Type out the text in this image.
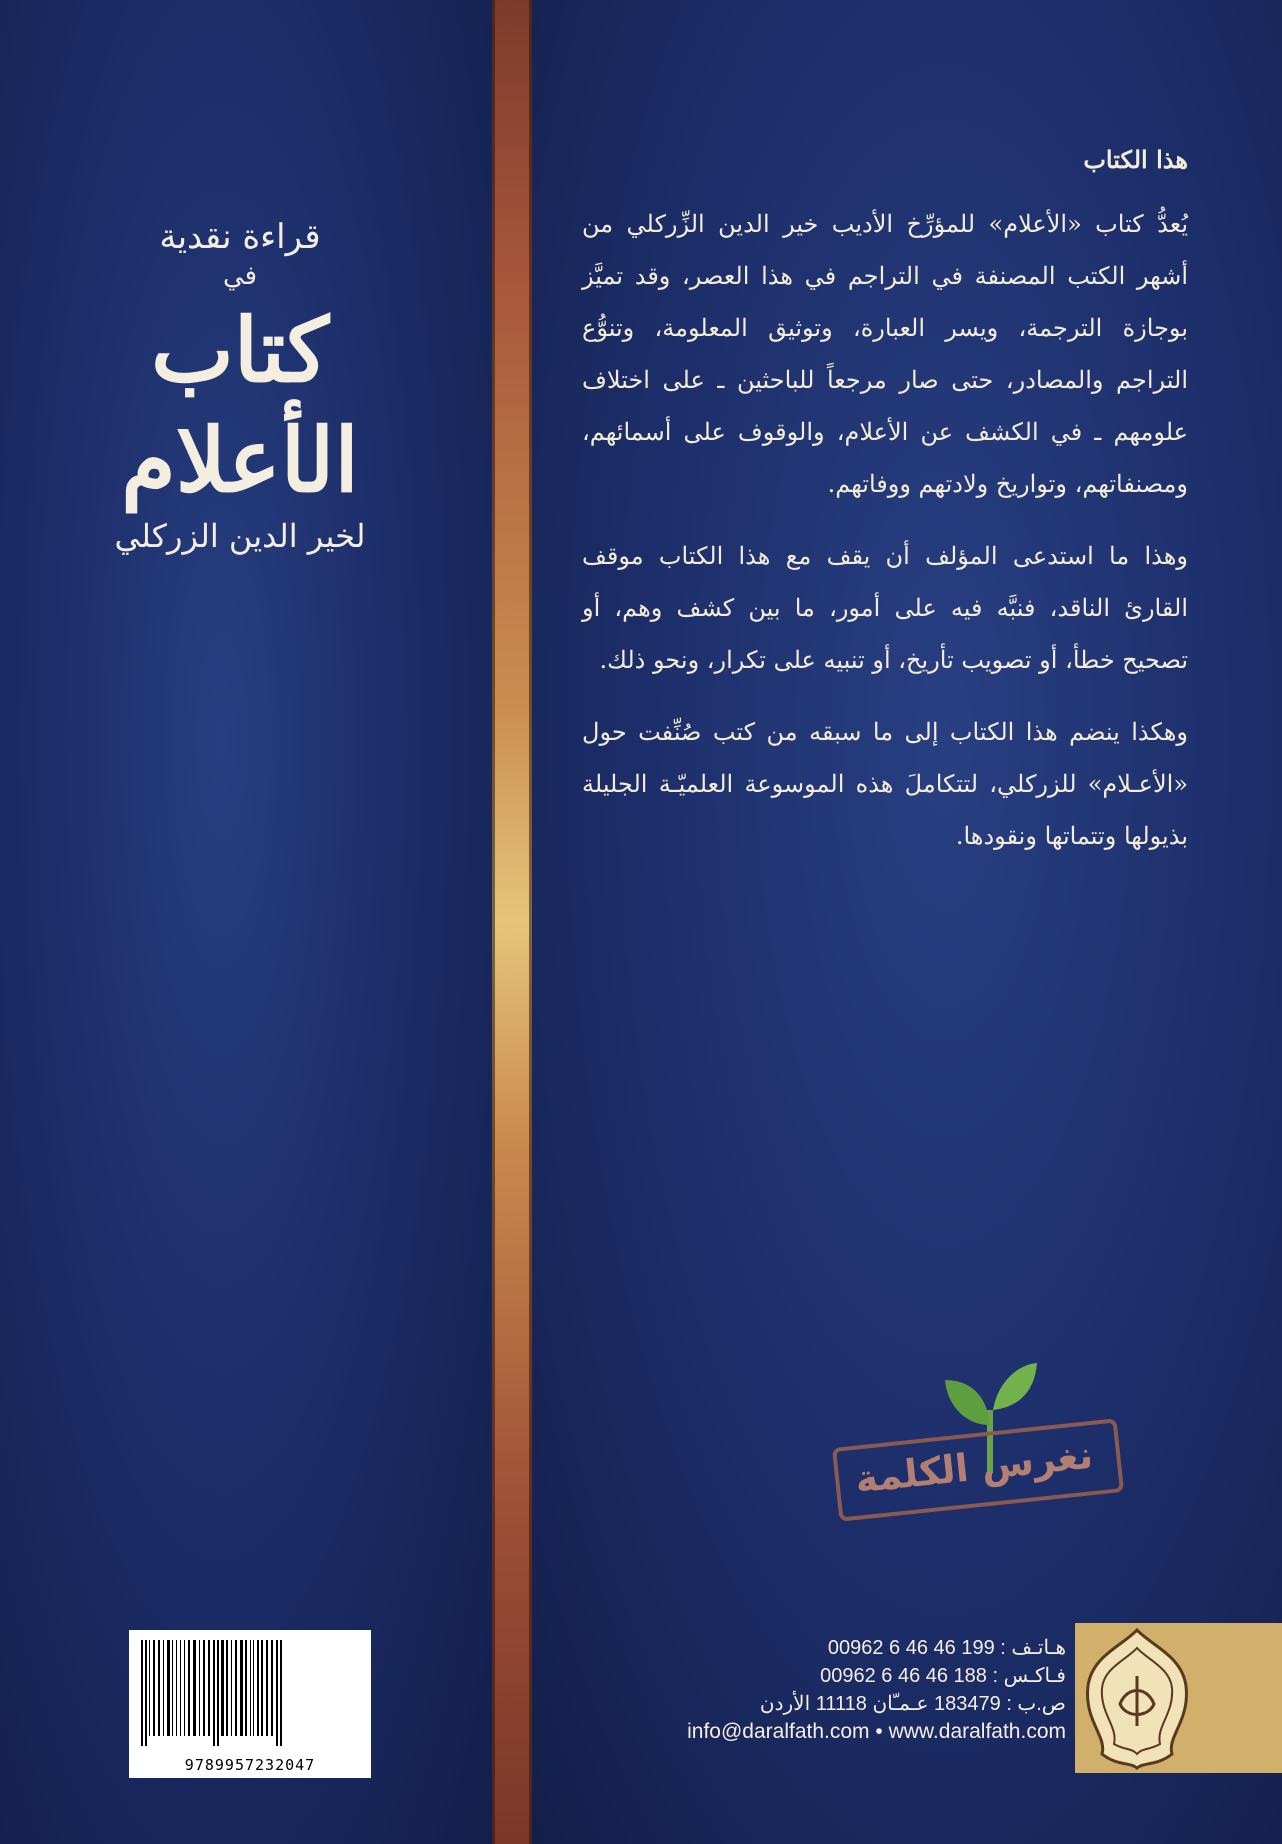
قراءة نقدية
في
كتاب الأعلام
لخير الدين الزركلي
9789957232047
هذا الكتاب

يُعدُّ كتاب «الأعلام» للمؤرِّخ الأديب خير الدين الزِّركلي من أشهر الكتب المصنفة في التراجم في هذا العصر، وقد تميَّز بوجازة الترجمة، ويسر العبارة، وتوثيق المعلومة، وتنوُّع التراجم والمصادر، حتى صار مرجعاً للباحثين ـ على اختلاف علومهم ـ في الكشف عن الأعلام، والوقوف على أسمائهم، ومصنفاتهم، وتواريخ ولادتهم ووفاتهم.

وهذا ما استدعى المؤلف أن يقف مع هذا الكتاب موقف القارئ الناقد، فنبَّه فيه على أمور، ما بين كشف وهم، أو تصحيح خطأ، أو تصويب تأريخ، أو تنبيه على تكرار، ونحو ذلك.

وهكذا ينضم هذا الكتاب إلى ما سبقه من كتب صُنِّفت حول «الأعـلام» للزركلي، لتتكاملَ هذه الموسوعة العلميّـة الجليلة بذيولها وتتماتها ونقودها.

نغرس الكلمة
هـاتـف : 00962 6 46 46 199
فـاكـس : 00962 6 46 46 188
ص.ب : 183479 عـمـّان 11118 الأردن
info@daralfath.com • www.daralfath.com
